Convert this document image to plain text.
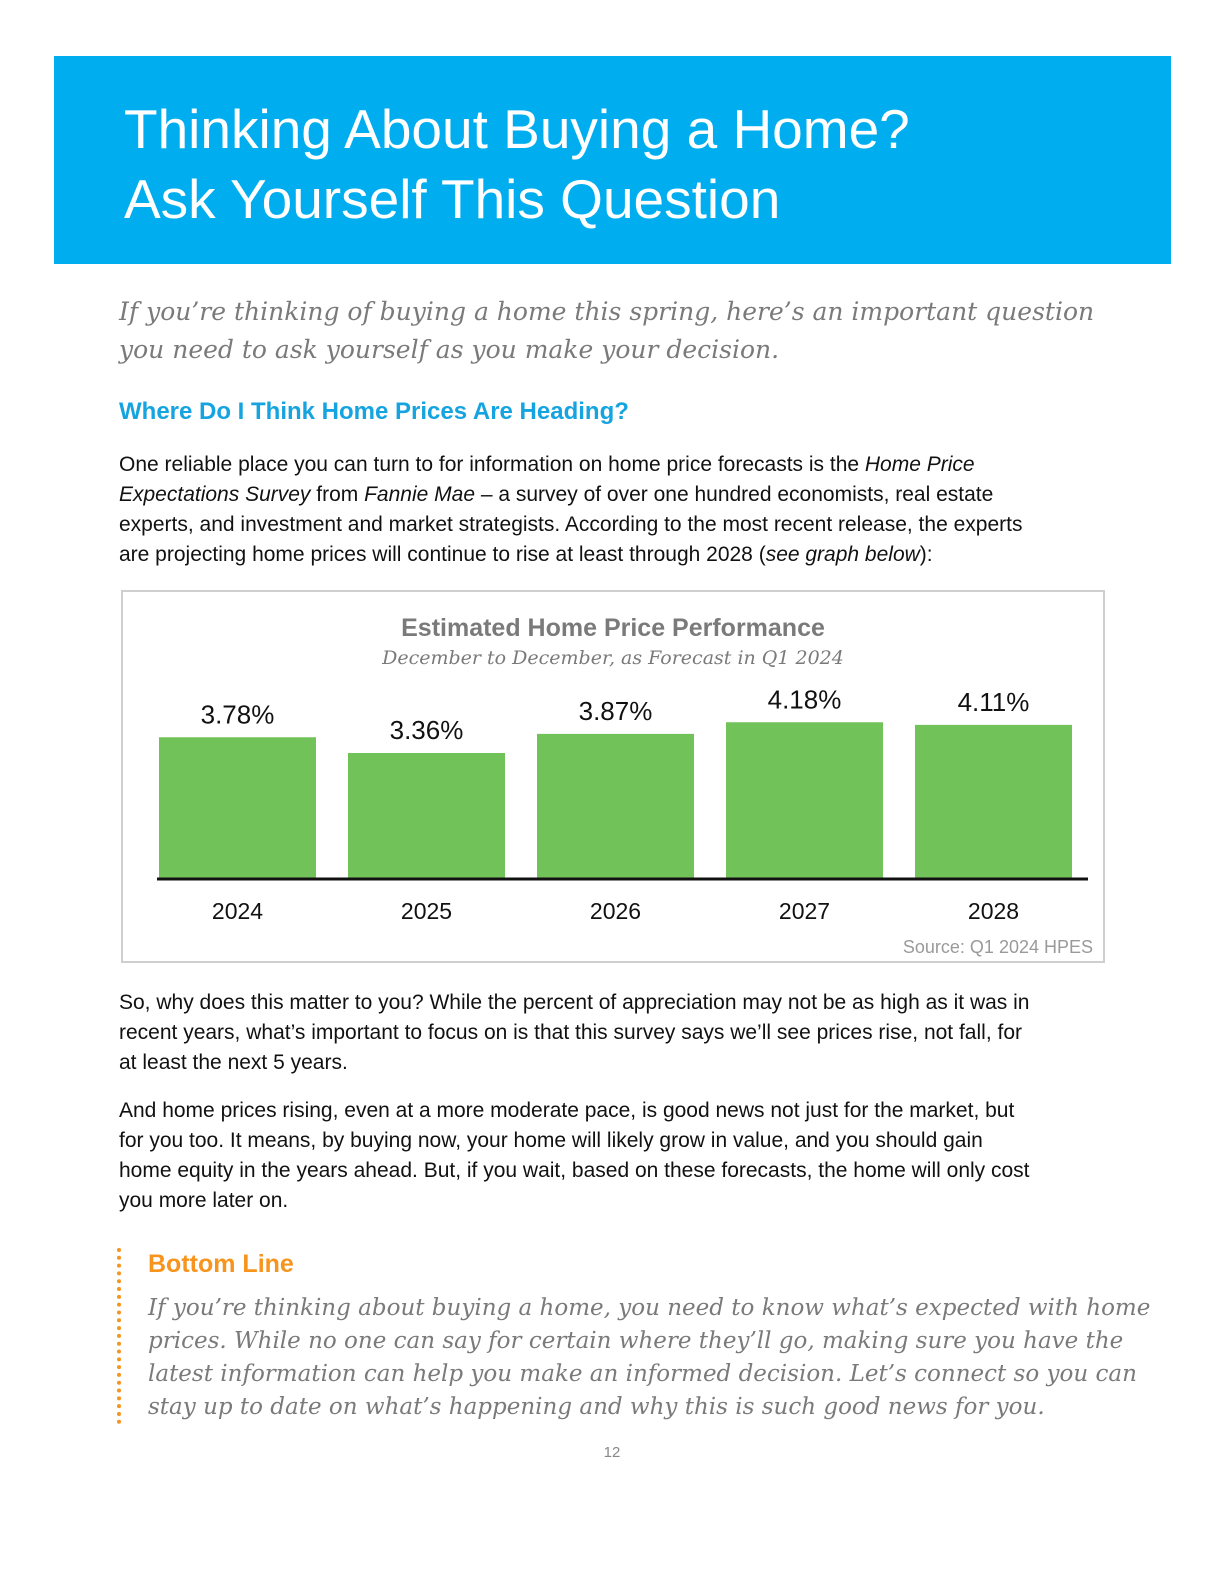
Thinking About Buying a Home?
Ask Yourself This Question

If you’re thinking of buying a home this spring, here’s an important question
you need to ask yourself as you make your decision.

Where Do I Think Home Prices Are Heading?

One reliable place you can turn to for information on home price forecasts is the Home Price
Expectations Survey from Fannie Mae – a survey of over one hundred economists, real estate
experts, and investment and market strategists. According to the most recent release, the experts
are projecting home prices will continue to rise at least through 2028 (see graph below):

Estimated Home Price Performance
December to December, as Forecast in Q1 2024
3.78%
2024
3.36%
2025
3.87%
2026
4.18%
2027
4.11%
2028
Source: Q1 2024 HPES

So, why does this matter to you? While the percent of appreciation may not be as high as it was in
recent years, what’s important to focus on is that this survey says we’ll see prices rise, not fall, for
at least the next 5 years.

And home prices rising, even at a more moderate pace, is good news not just for the market, but
for you too. It means, by buying now, your home will likely grow in value, and you should gain
home equity in the years ahead. But, if you wait, based on these forecasts, the home will only cost
you more later on.

Bottom Line

If you’re thinking about buying a home, you need to know what’s expected with home
prices. While no one can say for certain where they’ll go, making sure you have the
latest information can help you make an informed decision. Let’s connect so you can
stay up to date on what’s happening and why this is such good news for you.

12
